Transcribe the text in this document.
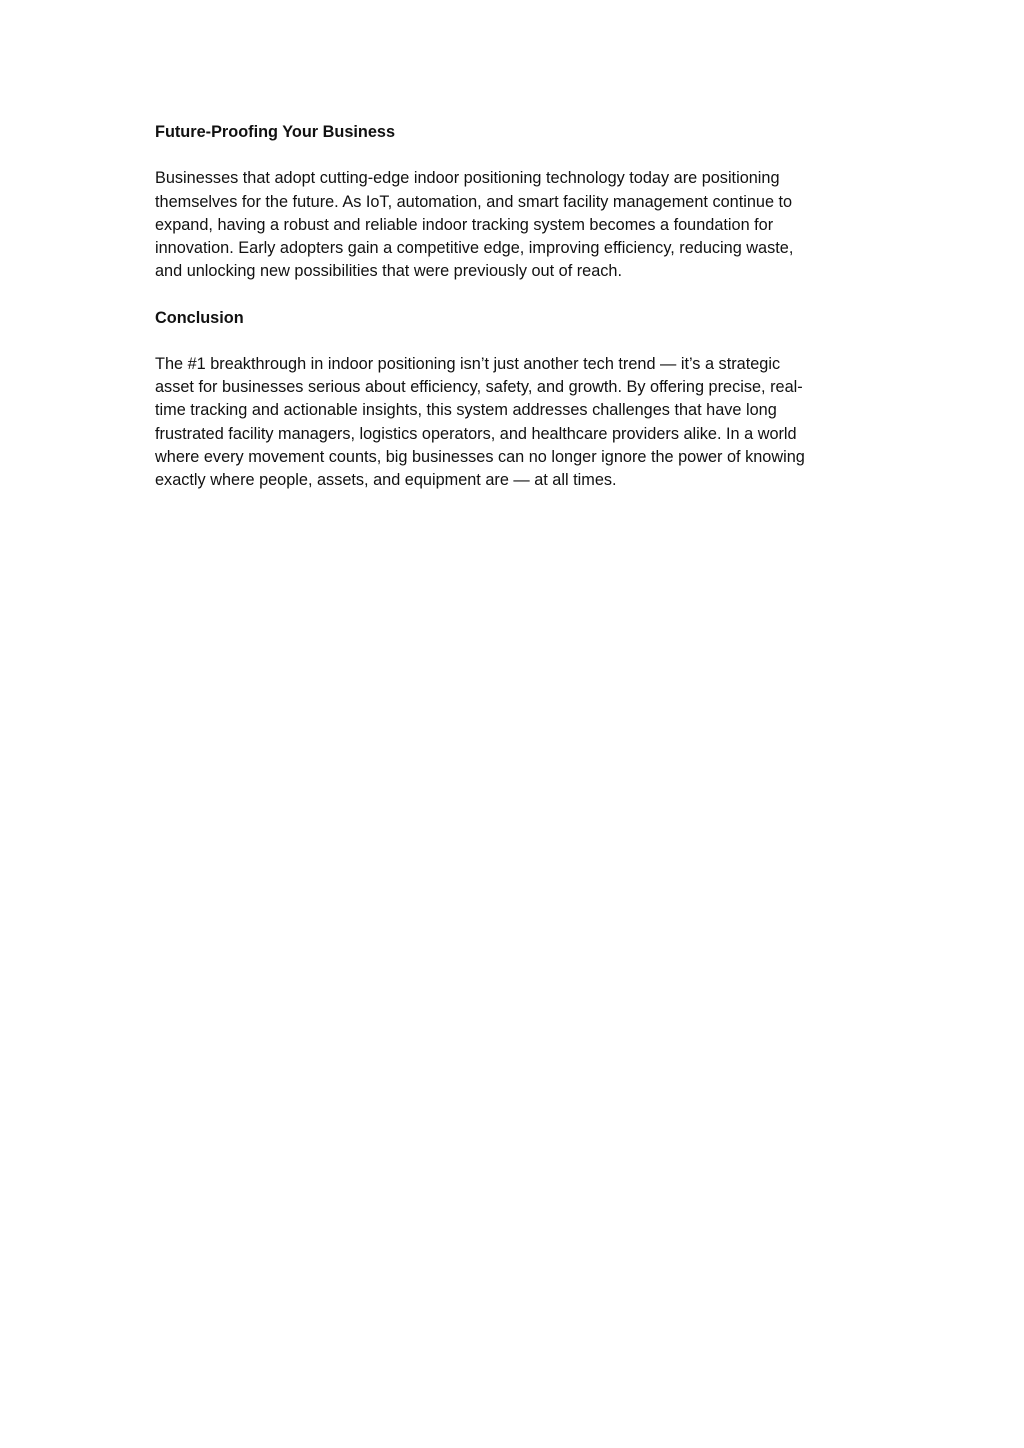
Future-Proofing Your Business

Businesses that adopt cutting-edge indoor positioning technology today are positioning
themselves for the future. As IoT, automation, and smart facility management continue to
expand, having a robust and reliable indoor tracking system becomes a foundation for
innovation. Early adopters gain a competitive edge, improving efficiency, reducing waste,
and unlocking new possibilities that were previously out of reach.

Conclusion

The #1 breakthrough in indoor positioning isn’t just another tech trend — it’s a strategic
asset for businesses serious about efficiency, safety, and growth. By offering precise, real-
time tracking and actionable insights, this system addresses challenges that have long
frustrated facility managers, logistics operators, and healthcare providers alike. In a world
where every movement counts, big businesses can no longer ignore the power of knowing
exactly where people, assets, and equipment are — at all times.
